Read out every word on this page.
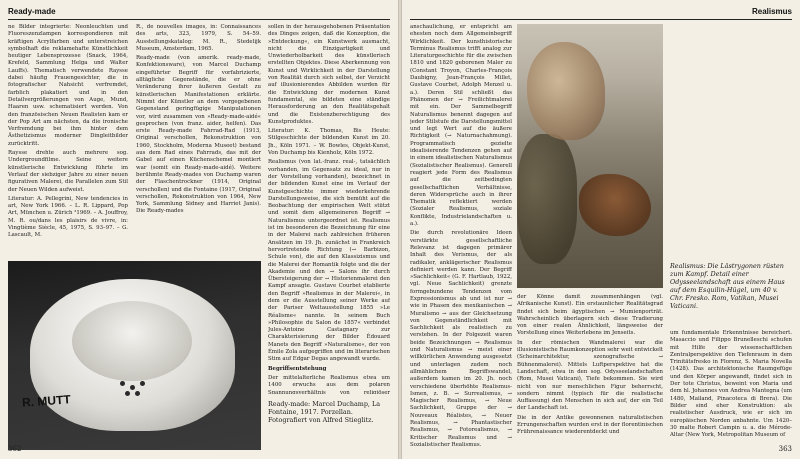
Ready-made

ne Bilder integrierte: Neonleuchten und Fluoreszenzlampen korrespondieren mit kräftigen Acrylfarben und unterstreichen symbolhaft die reklamehafte Künstlichkeit heutiger Lebensprozesse (Snack, 1964, Krefeld, Sammlung Helga und Walter Lauffs). Thematisch verwendete Raysse dabei häufig Frauengesichter, die in fotografischer Nahsicht verfremdet, farblich plakatiert und in den Detailvergrößerungen von Auge, Mund, Haaren usw. schematisiert werden. Von den französischen Neuen Realisten kam er der Pop Art am nächsten, da die ironische Verfremdung bei ihm hinter dem Ästhetizismus moderner Dingleitbilder zurücktritt.

Raysse drehte auch mehrere sog. Undergroundfilme. Seine weitere künstlerische Entwicklung führte im Verlauf der siebziger Jahre zu einer neuen figurativen Malerei, die Parallelen zum Stil der Neuen Wilden aufweist.

Literatur: A. Pellegrini, New tendencies in art, New York 1966. – L. R. Lippard, Pop Art, München u. Zürich ²1969. – A. Jouffroy, M. R. ou/dans les plaisirs de vivre, in: Vingtième Siècle, 45, 1975, S. 93–97. – G. Lascault, M.

R., de nouvelles images, in: Connaissances des arts, 323, 1979, S. 54–59. Ausstellungskatalog: M. R., Stedelijk Museum, Amsterdam, 1965.

Ready-made (von amerik. ready-made, Konfektionsware), von Marcel Duchamp eingeführter Begriff für vorfabrizierte, alltägliche Gegenstände, die er ohne Veränderung ihrer äußeren Gestalt zu künstlerischen Manifestationen erklärte. Nimmt der Künstler an dem vorgegebenen Gegenstand geringfügige Manipulationen vor, wird zusammen von »Ready-made-aidé« gesprochen (von franz. aider, helfen). Das erste Ready-made Fahrrad-Rad (1913, Original verschollen, Rekonstruktion von 1960, Stockholm, Moderna Museet) bestand aus dem Rad eines Fahrrads, das mit der Gabel auf einen Küchenschemel montiert war (somit ein Ready-made-aidé). Weitere berühmte Ready-mades von Duchamp waren der Flaschentrockner (1914, Original verschollen) und die Fontaine (1917, Original verschollen, Rekonstruktion von 1964, New York, Sammlung Sidney and Harriet Janis). Die Ready-mades

sollen in der herausgehobenen Präsentation des Dinges zeigen, daß die Konzeption, die »Entdeckung«, ein Kunstwerk ausmacht, nicht die Einzigartigkeit und Unwiederholbarkeit des künstlerisch erstellten Objektes. Diese Aberkennung von Kunst und Wirklichkeit in der Darstellung von Realität durch sich selbst, der Verzicht auf illusionierendes Abbilden wurden für die Entwicklung der modernen Kunst fundamental, sie bildeten eine ständige Herausforderung an den Realitätsgehalt und die Existenzberechtigung des Kunstproduktes.

Literatur: K. Thomas, Bis Heute: Stilgeschichte der bildenden Kunst im 20. Jh., Köln 1971. – W. Bowles, Objekt-Kunst, Von Duchamp bis Kienholz, Köln 1972.

Realismus (von lat.-franz. real-, tatsächlich vorhanden, im Gegensatz zu ideal, nur in der Vorstellung vorhanden), bezeichnet in der bildenden Kunst eine im Verlauf der Kunstgeschichte immer wiederkehrende Darstellungsweise, die sich bemüht auf die Beobachtung der empirischen Welt stützt und somit dem allgemeineren Begriff → Naturalismus untergeordnet ist. Realismus ist im besonderen die Bezeichnung für eine in der Malerei nach zahlreichen früheren Ansätzen im 19. Jh. zunächst in Frankreich hervortretende Richtung (→ Barbizon, Schule von), die auf den Klassizismus und die Malerei der Romantik folgte und die der Akademie und den → Salons ihr durch Übersteigerung der → Historienmalerei den Kampf ansagte. Gustave Courbet etablierte den Begriff »Realismus in der Malerei«, in dem er die Ausstellung seiner Werke auf der Pariser Weltausstellung 1855 »Le Réalisme« nannte. In seinem Buch »Philosophie du Salon de 1857« verbindet Jules-Antoine Castagnary zur Charakterisierung der Bilder Édouard Manets den Begriff »Naturalisme«, der von Émile Zola aufgegriffen und im literarischen Stim auf Edgar Degas angewandt wurde.

Begriffsentstehung

Der mittelalterliche Realismus etwa um 1400 erwuchs aus dem polaren Spannungsverhältnis von religiöser

R. MUTT	Ready-made: Marcel Duchamp, La Fontaine, 1917. Porzellan. Fotografiert von Alfred Stieglitz.
362
Realismus

anschaulichung, er entspricht am ehesten noch dem Allgemeinbegriff Wirklichkeit. Der kunsthistorische Terminus Realismus trifft analog zur Literaturgeschichte für die zwischen 1810 und 1820 geborenen Maler zu (Constant Troyon, Charles-François Daubigny, Jean-François Millet, Gustave Courbet, Adolph Menzel u. a.). Deren Stil schließt das Phänomen der → Freilichtmalerei mit ein. Der Sammelbegriff Naturalismus benennt dagegen auf jeder Stilstufe die Darstellungsmittel und legt Wert auf die äußere Richtigkeit (→ Naturnachahmung). Programmatisch gezielte idealisierende Tendenzen gehen auf in einem idealistischen Naturalismus (Sozialistischer Realismus). Generell reagiert jede Form des Realismus auf die zeitbedingten gesellschaftlichen Verhältnisse, deren Widersprüche auch in ihrer Thematik reflektiert werden (Sozialer Realismus, soziale Konflikte, Industrielandschaften u. a.).

Die durch revolutionäre Ideen verstärkte gesellschaftliche Relevanz ist dagegen primärer Inhalt des Verismus, der als radikaler, anklägerischer Realismus definiert werden kann. Der Begriff »Sachlichkeit« (G. F. Hartlaub, 1922, vgl. Neue Sachlichkeit) grenzte formgebundene Tendenzen vom Expressionismus ab und ist nur → wie in Phasen des mexikanischen → Muralismo → aus der Gleichsetzung von Gegenständlichkeit mit Sachlichkeit als realistisch zu verstehen. In der Folgezeit waren beide Bezeichnungen → Realismus und Naturalismus → meist einer willkürlichen Anwendung ausgesetzt und unterlagen zudem noch allmählichem Begriffswandel, außerdem kamen im 20. Jh. noch verschiedene überhöhte Realismus-Ismen, z. B. → Surrealismus, → Magischer Realismus, → Neue Sachlichkeit, Gruppe der → Nouveaux Réalistes, → Neuer Realismus, → Phantastischer Realismus, → Fotorealismus, → Kritischer Realismus und → Sozialistischer Realismus.

der Könne damit zusammenhängen (vgl. Afrikanische Kunst). Ein erstaunlicher Realitätsgrad findet sich beim ägyptischen → Mumienporträt. Wahrscheinlich überlagern sich diese Tradierung von einer realen Ähnlichkeit, längsweise der Vorstellung eines Weiterlebens im Jenseits.

In der römischen Wandmalerei war die illusionistische Raumkonzeption sehr weit entwickelt (Scheinarchitektur, szenografische → Bühnenmalerei). Mittels Luftperspektive hat die Landschaft, etwa in den sog. Odysseelandschaften (Rom, Musei Vaticani), Tiefe bekommen. Sie wird nicht von nur menschlichen Figur beherrscht, sondern nimmt (typisch für die realistische Auffassung) den Menschen in sich auf, der ein Teil der Landschaft ist.

Die in der Antike gewonnenen naturalistischen Errungenschaften wurden erst in der florentinischen Frührenaissance wiederentdeckt und

Realismus: Die Lästrygonen rüsten zum Kampf. Detail einer Odysseelandschaft aus einem Haus auf dem Esquilin-Hügel, um 40 v. Chr. Fresko. Rom, Vatikan, Musei Vaticani.

um fundamentale Erkenntnisse bereichert. Masaccio und Filippo Brunelleschi schufen mit Hilfe der wissenschaftlichen Zentralperspektive den Tiefenraum in dem Trinitätsfresko in Florenz, S. Maria Novella (1428). Das architektonische Raumgefüge und den Körper angewandt, findet sich in Der tote Christus, beweint von Maria und dem hl. Johannes von Andrea Mantegna (um 1480, Mailand, Pinacoteca di Brera). Die Bilder sind eher Konstruktion: als realistischer Ausdruck, wie er sich im europäischen Norden anbahnte. Um 1420–30 malte Robert Campin u. a. die Mérode-Altar (New York, Metropolitan Museum of

363
